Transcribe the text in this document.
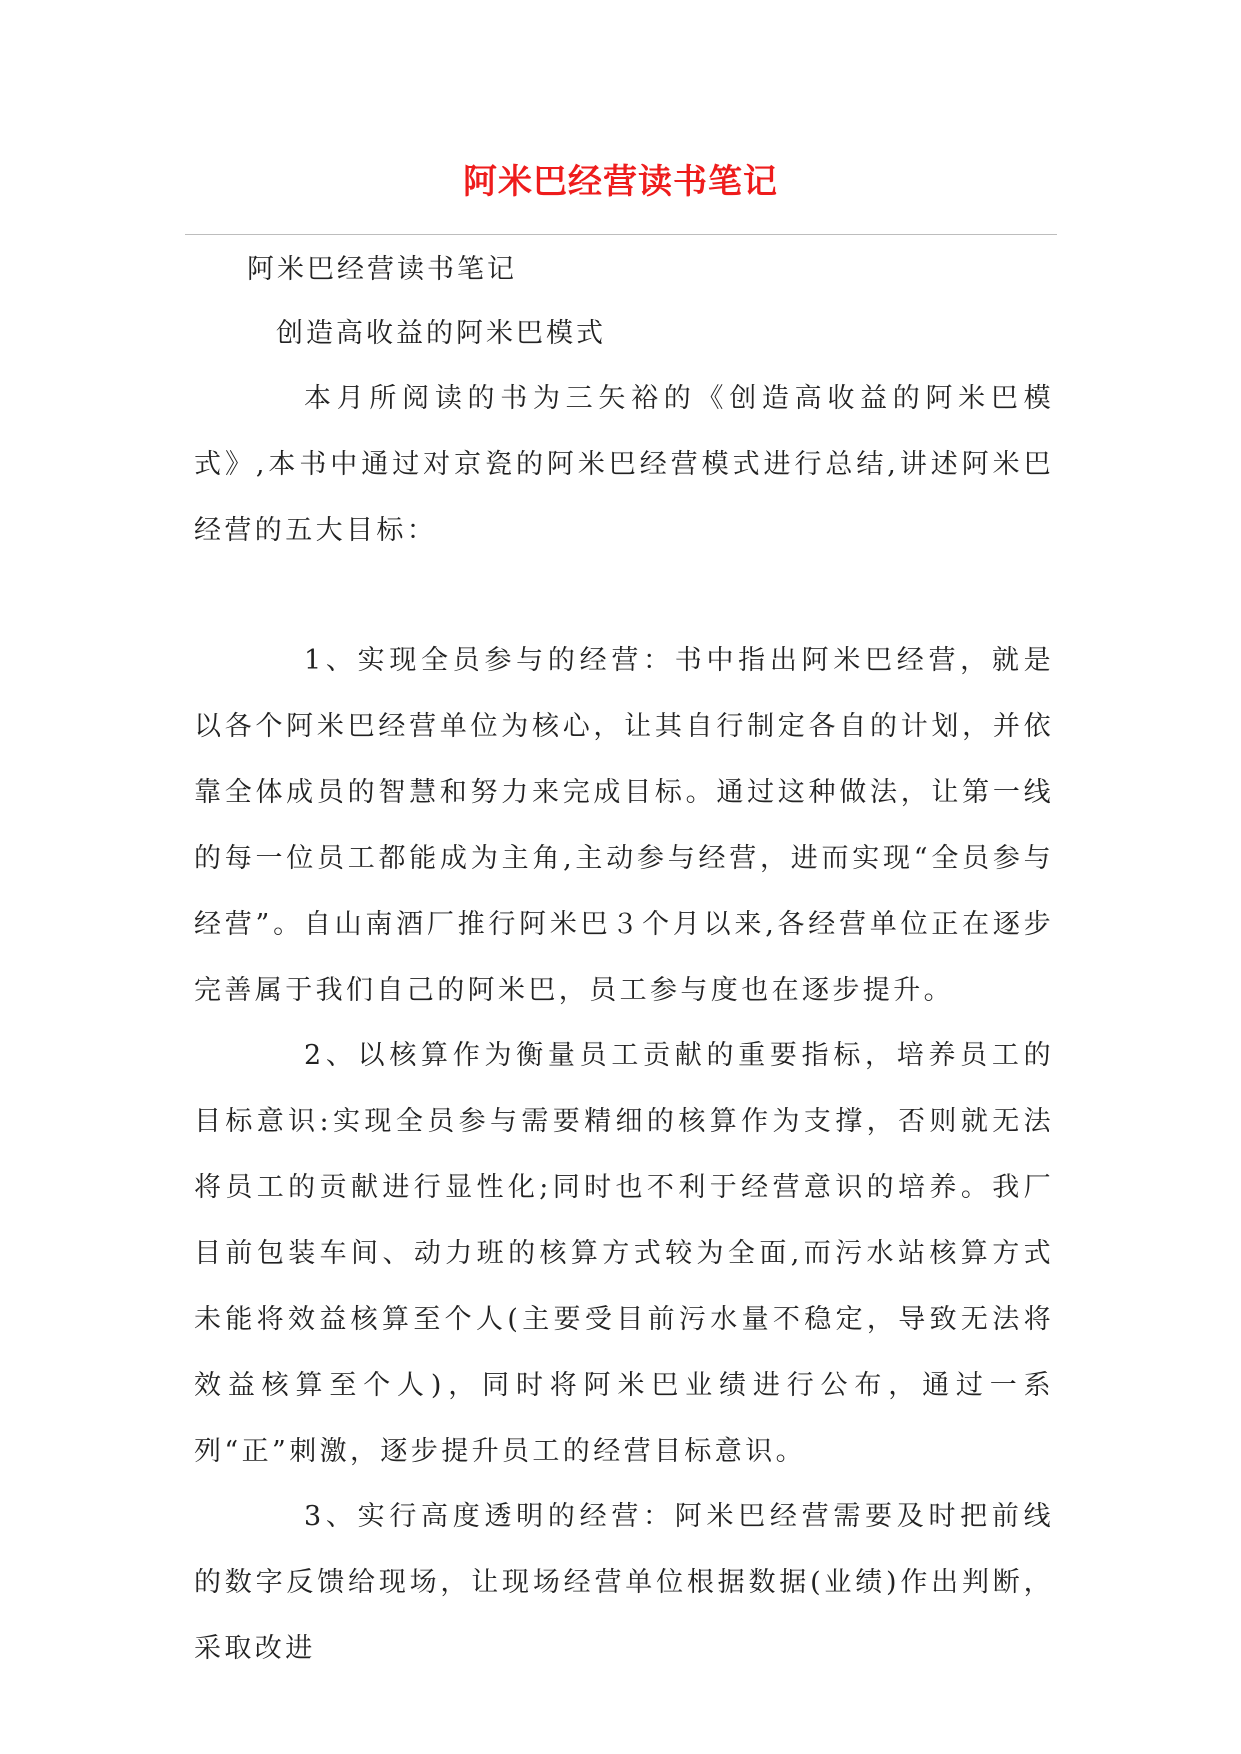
阿米巴经营读书笔记
阿米巴经营读书笔记
创造高收益的阿米巴模式

本月所阅读的书为三矢裕的《创造高收益的阿米巴模式》,本书中通过对京瓷的阿米巴经营模式进行总结,讲述阿米巴经营的五大目标：

1、实现全员参与的经营：书中指出阿米巴经营，就是以各个阿米巴经营单位为核心，让其自行制定各自的计划，并依靠全体成员的智慧和努力来完成目标。通过这种做法，让第一线的每一位员工都能成为主角,主动参与经营，进而实现“全员参与经营”。自山南酒厂推行阿米巴３个月以来,各经营单位正在逐步完善属于我们自己的阿米巴，员工参与度也在逐步提升。

2、以核算作为衡量员工贡献的重要指标，培养员工的目标意识:实现全员参与需要精细的核算作为支撑，否则就无法将员工的贡献进行显性化;同时也不利于经营意识的培养。我厂目前包装车间、动力班的核算方式较为全面,而污水站核算方式未能将效益核算至个人(主要受目前污水量不稳定，导致无法将效益核算至个人)，同时将阿米巴业绩进行公布，通过一系列“正”刺激，逐步提升员工的经营目标意识。

3、实行高度透明的经营：阿米巴经营需要及时把前线的数字反馈给现场，让现场经营单位根据数据(业绩)作出判断，采取改进
